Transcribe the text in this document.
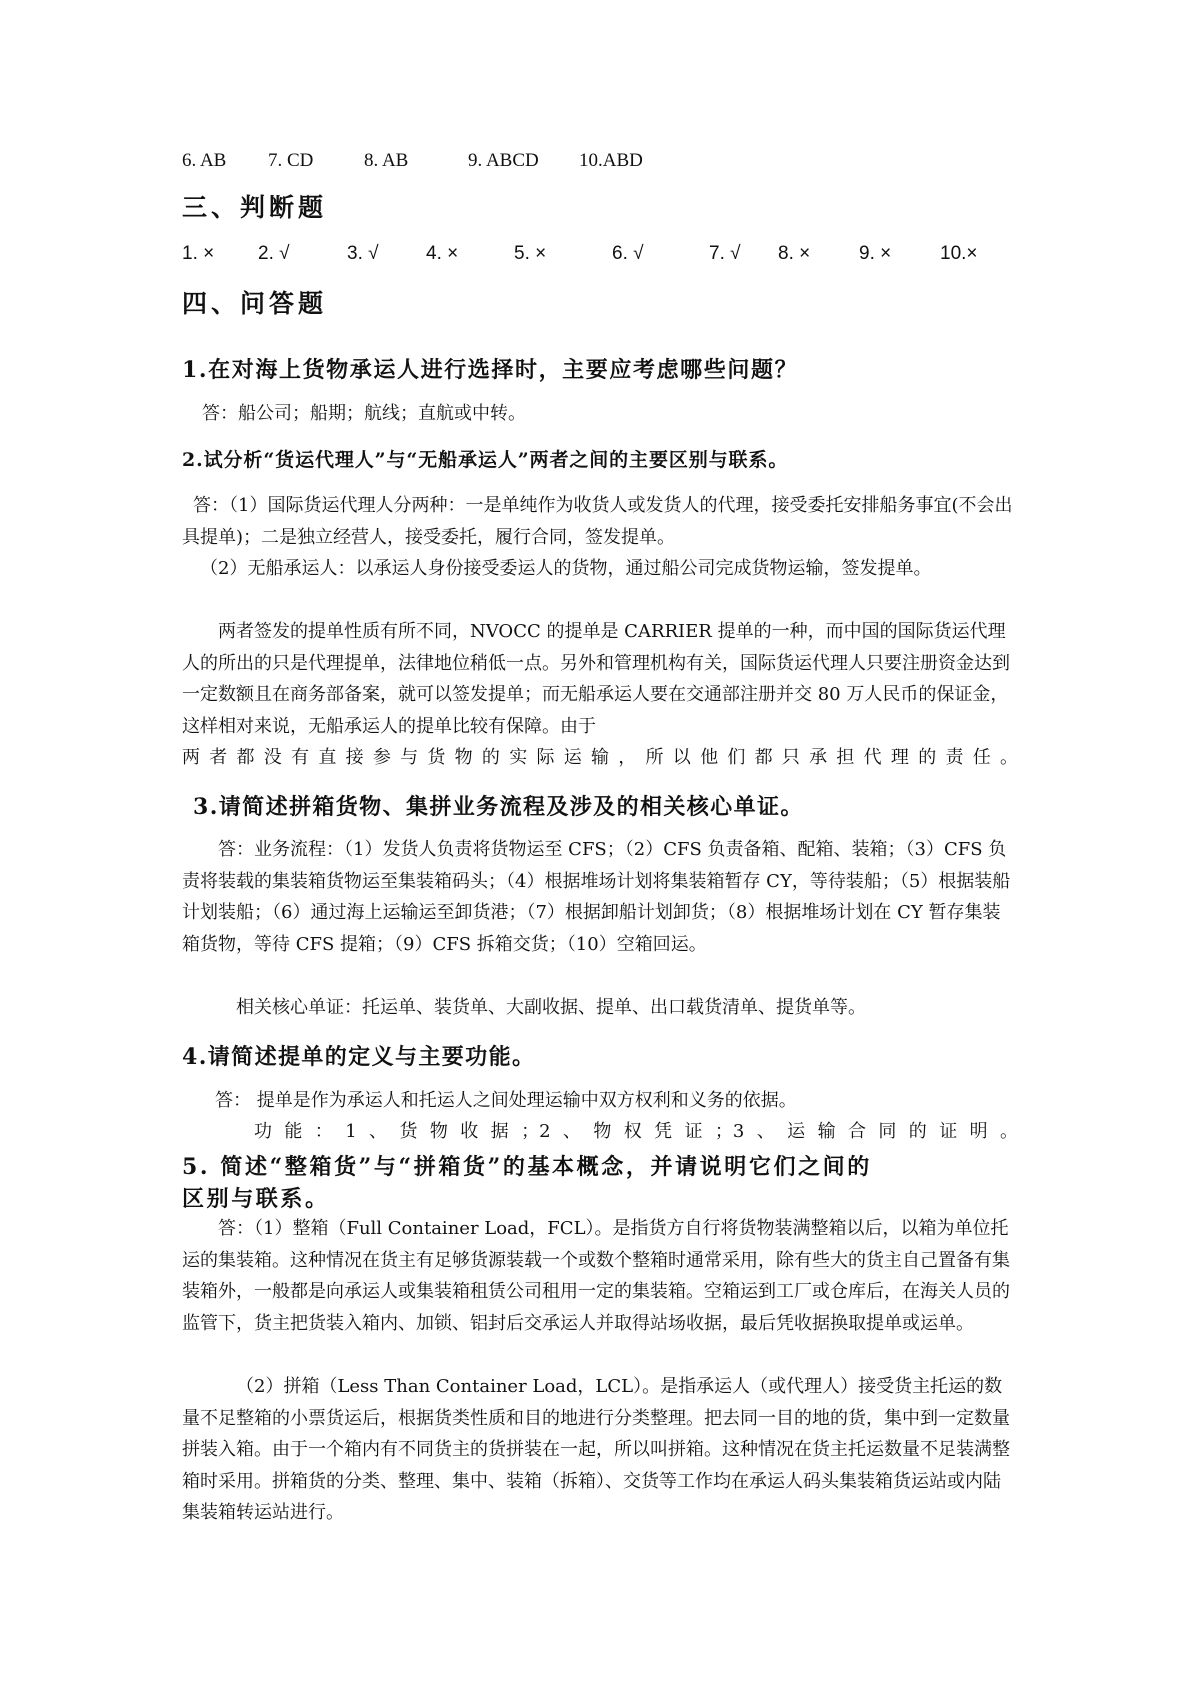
6. AB 7. CD	8. AB	9. ABCD 10.ABD
三、判断题
1. × 2. √	3. √ 4. ×	5. ×	6. √	7. √ 8. ×	9. ×	10.×
四、问答题
1.在对海上货物承运人进行选择时，主要应考虑哪些问题？

答：船公司；船期；航线；直航或中转。

2.试分析“货运代理人”与“无船承运人”两者之间的主要区别与联系。

答：（1）国际货运代理人分两种：一是单纯作为收货人或发货人的代理，接受委托安排船务事宜(不会出具提单)；二是独立经营人，接受委托，履行合同，签发提单。

（2）无船承运人：以承运人身份接受委运人的货物，通过船公司完成货物运输，签发提单。

两者签发的提单性质有所不同，NVOCC 的提单是 CARRIER 提单的一种，而中国的国际货运代理人的所出的只是代理提单，法律地位稍低一点。另外和管理机构有关，国际货运代理人只要注册资金达到一定数额且在商务部备案，就可以签发提单；而无船承运人要在交通部注册并交 80 万人民币的保证金，这样相对来说，无船承运人的提单比较有保障。由于

两者都没有直接参与货物的实际运输，所以他们都只承担代理的责任。
3.请简述拼箱货物、集拼业务流程及涉及的相关核心单证。

答：业务流程：（1）发货人负责将货物运至 CFS；（2）CFS 负责备箱、配箱、装箱；（3）CFS 负责将装载的集装箱货物运至集装箱码头；（4）根据堆场计划将集装箱暂存 CY，等待装船；（5）根据装船计划装船；（6）通过海上运输运至卸货港；（7）根据卸船计划卸货；（8）根据堆场计划在 CY 暂存集装箱货物，等待 CFS 提箱；（9）CFS 拆箱交货；（10）空箱回运。

相关核心单证：托运单、装货单、大副收据、提单、出口载货清单、提货单等。

4.请简述提单的定义与主要功能。

答： 提单是作为承运人和托运人之间处理运输中双方权利和义务的依据。

功能：1、货物收据；2、物权凭证；3、运输合同的证明。
5. 简述“整箱货”与“拼箱货”的基本概念，并请说明它们之间的
区别与联系。

答：（1）整箱（Full Container Load，FCL）。是指货方自行将货物装满整箱以后，以箱为单位托运的集装箱。这种情况在货主有足够货源装载一个或数个整箱时通常采用，除有些大的货主自己置备有集装箱外，一般都是向承运人或集装箱租赁公司租用一定的集装箱。空箱运到工厂或仓库后，在海关人员的监管下，货主把货装入箱内、加锁、铝封后交承运人并取得站场收据，最后凭收据换取提单或运单。

（2）拼箱（Less Than Container Load，LCL）。是指承运人（或代理人）接受货主托运的数量不足整箱的小票货运后，根据货类性质和目的地进行分类整理。把去同一目的地的货，集中到一定数量拼装入箱。由于一个箱内有不同货主的货拼装在一起，所以叫拼箱。这种情况在货主托运数量不足装满整箱时采用。拼箱货的分类、整理、集中、装箱（拆箱）、交货等工作均在承运人码头集装箱货运站或内陆集装箱转运站进行。
